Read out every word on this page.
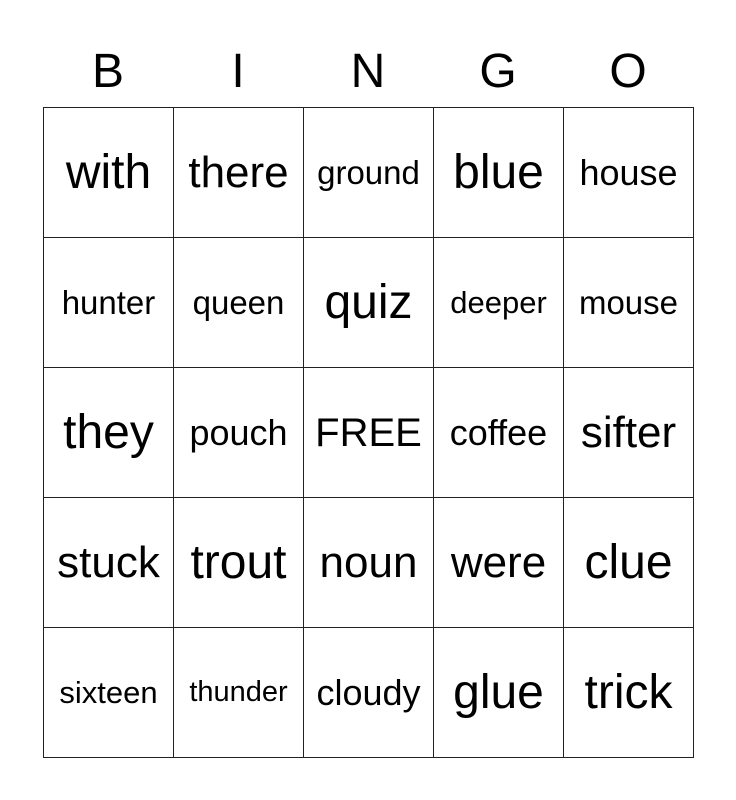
B	I	N	G	O
with there ground blue house
hunter	queen quiz	deeper mouse
they pouch FREE coffee sifter
stuck trout noun were clue
sixteen	thunder cloudy glue trick
